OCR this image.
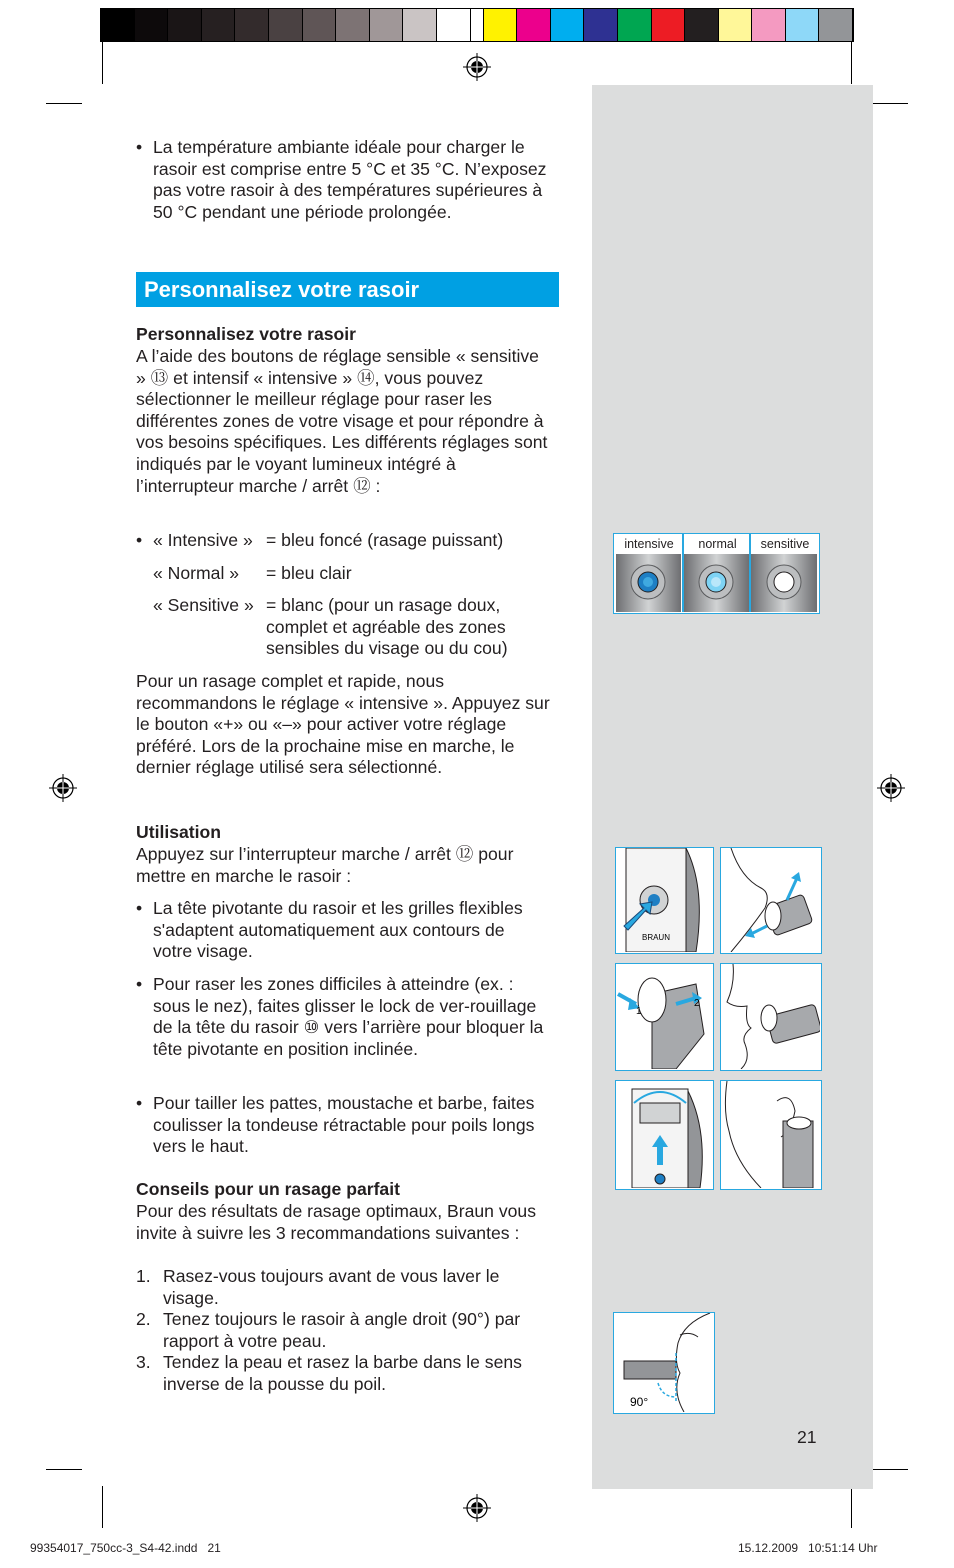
• La température ambiante idéale pour charger le rasoir est comprise entre 5 °C et 35 °C. N’exposez pas votre rasoir à des températures supérieures à 50 °C pendant une période prolongée.
Personnalisez votre rasoir
Personnalisez votre rasoir
A l’aide des boutons de réglage sensible « sensitive » ⑬ et intensif « intensive » ⑭, vous pouvez sélectionner le meilleur réglage pour raser les différentes zones de votre visage et pour répondre à vos besoins spécifiques. Les différents réglages sont indiqués par le voyant lumineux intégré à l’interrupteur marche / arrêt ⑫ :
• « Intensive » = bleu foncé (rasage puissant)
« Normal » = bleu clair
« Sensitive » = blanc (pour un rasage doux, complet et agréable des zones sensibles du visage ou du cou)
Pour un rasage complet et rapide, nous recommandons le réglage « intensive ». Appuyez sur le bouton «+» ou «–» pour activer votre réglage préféré. Lors de la prochaine mise en marche, le dernier réglage utilisé sera sélectionné.
Utilisation
Appuyez sur l’interrupteur marche / arrêt ⑫ pour mettre en marche le rasoir :
• La tête pivotante du rasoir et les grilles flexibles s'adaptent automatiquement aux contours de votre visage.
• Pour raser les zones difficiles à atteindre (ex. : sous le nez), faites glisser le lock de ver-rouillage de la tête du rasoir ⑩ vers l’arrière pour bloquer la tête pivotante en position inclinée.
• Pour tailler les pattes, moustache et barbe, faites coulisser la tondeuse rétractable pour poils longs vers le haut.
Conseils pour un rasage parfait
Pour des résultats de rasage optimaux, Braun vous invite à suivre les 3 recommandations suivantes :
1. Rasez-vous toujours avant de vous laver le visage.
2. Tenez toujours le rasoir à angle droit (90°) par rapport à votre peau.
3. Tendez la peau et rasez la barbe dans le sens inverse de la pousse du poil.
intensive	normal	sensitive
BRAUN
1
2
90°
21
99354017_750cc-3_S4-42.indd   21	15.12.2009   10:51:14 Uhr
